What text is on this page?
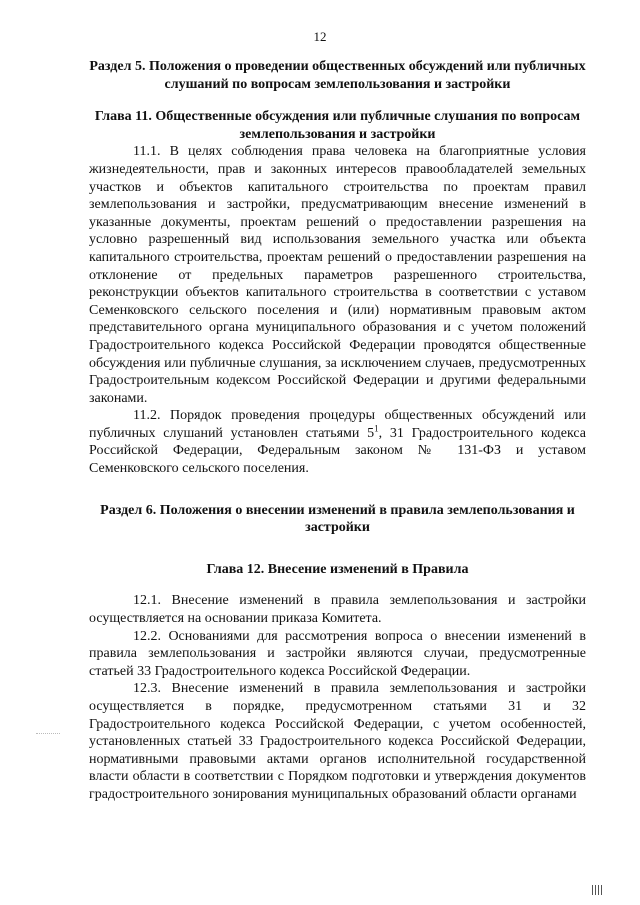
12
Раздел 5. Положения о проведении общественных обсуждений или публичных слушаний по вопросам землепользования и застройки
Глава 11. Общественные обсуждения или публичные слушания по вопросам землепользования и застройки
11.1. В целях соблюдения права человека на благоприятные условия жизнедеятельности, прав и законных интересов правообладателей земельных участков и объектов капитального строительства по проектам правил землепользования и застройки, предусматривающим внесение изменений в указанные документы, проектам решений о предоставлении разрешения на условно разрешенный вид использования земельного участка или объекта капитального строительства, проектам решений о предоставлении разрешения на отклонение от предельных параметров разрешенного строительства, реконструкции объектов капитального строительства в соответствии с уставом Семенковского сельского поселения и (или) нормативным правовым актом представительного органа муниципального образования и с учетом положений Градостроительного кодекса Российской Федерации проводятся общественные обсуждения или публичные слушания, за исключением случаев, предусмотренных Градостроительным кодексом Российской Федерации и другими федеральными законами.
11.2. Порядок проведения процедуры общественных обсуждений или публичных слушаний установлен статьями $5^1$, 31 Градостроительного кодекса Российской Федерации, Федеральным законом № 131-ФЗ и уставом Семенковского сельского поселения.
Раздел 6. Положения о внесении изменений в правила землепользования и застройки
Глава 12. Внесение изменений в Правила
12.1. Внесение изменений в правила землепользования и застройки осуществляется на основании приказа Комитета.
12.2. Основаниями для рассмотрения вопроса о внесении изменений в правила землепользования и застройки являются случаи, предусмотренные статьей 33 Градостроительного кодекса Российской Федерации.
12.3. Внесение изменений в правила землепользования и застройки осуществляется в порядке, предусмотренном статьями 31 и 32 Градостроительного кодекса Российской Федерации, с учетом особенностей, установленных статьей 33 Градостроительного кодекса Российской Федерации, нормативными правовыми актами органов исполнительной государственной власти области в соответствии с Порядком подготовки и утверждения документов градостроительного зонирования муниципальных образований области органами
